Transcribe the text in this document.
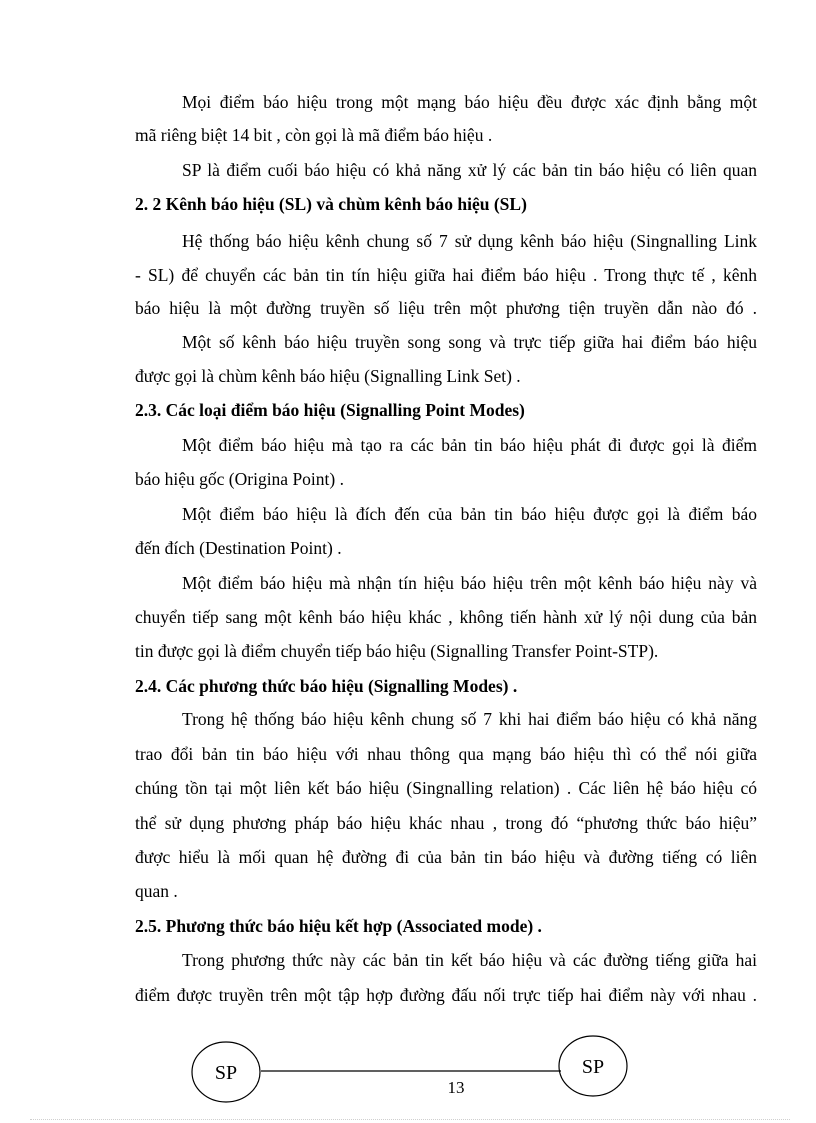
Mọi điểm báo hiệu trong một mạng báo hiệu đều được xác định bằng một
mã riêng biệt 14 bit , còn gọi là mã điểm báo hiệu .
SP là điểm cuối báo hiệu có khả năng xử lý các bản tin báo hiệu có liên quan
2. 2 Kênh báo hiệu (SL) và chùm kênh báo hiệu (SL)
Hệ thống báo hiệu kênh chung số 7 sử dụng kênh báo hiệu (Singnalling Link
- SL) để chuyển các bản tin tín hiệu giữa hai điểm báo hiệu . Trong thực tế , kênh
báo hiệu là một đường truyền số liệu trên một phương tiện truyền dẫn nào đó .
Một số kênh báo hiệu truyền song song và trực tiếp giữa hai điểm báo hiệu
được gọi là chùm kênh báo hiệu (Signalling Link Set) .
2.3. Các loại điểm báo hiệu (Signalling Point Modes)
Một điểm báo hiệu mà tạo ra các bản tin báo hiệu phát đi được gọi là điểm
báo hiệu gốc (Origina Point) .
Một điểm báo hiệu là đích đến của bản tin báo hiệu được gọi là điểm báo
đến đích (Destination Point) .
Một điểm báo hiệu mà nhận tín hiệu báo hiệu trên một kênh báo hiệu này và
chuyển tiếp sang một kênh báo hiệu khác , không tiến hành xử lý nội dung của bản
tin được gọi là điểm chuyển tiếp báo hiệu (Signalling Transfer Point-STP).
2.4. Các phương thức báo hiệu (Signalling Modes) .
Trong hệ thống báo hiệu kênh chung số 7 khi hai điểm báo hiệu có khả năng
trao đổi bản tin báo hiệu với nhau thông qua mạng báo hiệu thì có thể nói giữa
chúng tồn tại một liên kết báo hiệu (Singnalling relation) . Các liên hệ báo hiệu có
thể sử dụng phương pháp báo hiệu khác nhau , trong đó “phương thức báo hiệu”
được hiểu là mối quan hệ đường đi của bản tin báo hiệu và đường tiếng có liên
quan .
2.5. Phương thức báo hiệu kết hợp (Associated mode) .
Trong phương thức này các bản tin kết báo hiệu và các đường tiếng giữa hai
điểm được truyền trên một tập hợp đường đấu nối trực tiếp hai điểm này với nhau .
SP	SP
13
